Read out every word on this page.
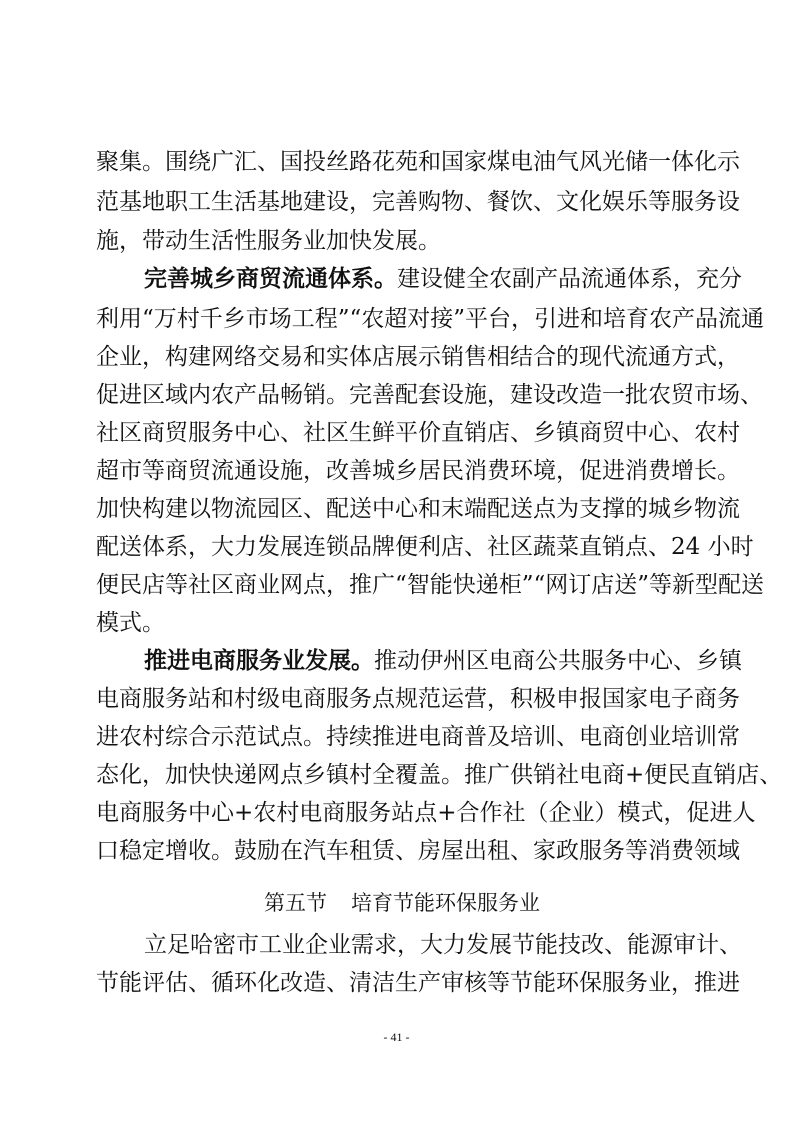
聚集。围绕广汇、国投丝路花苑和国家煤电油气风光储一体化示
范基地职工生活基地建设，完善购物、餐饮、文化娱乐等服务设
施，带动生活性服务业加快发展。
完善城乡商贸流通体系。建设健全农副产品流通体系，充分
利用“万村千乡市场工程”“农超对接”平台，引进和培育农产品流通
企业，构建网络交易和实体店展示销售相结合的现代流通方式，
促进区域内农产品畅销。完善配套设施，建设改造一批农贸市场、
社区商贸服务中心、社区生鲜平价直销店、乡镇商贸中心、农村
超市等商贸流通设施，改善城乡居民消费环境，促进消费增长。
加快构建以物流园区、配送中心和末端配送点为支撑的城乡物流
配送体系，大力发展连锁品牌便利店、社区蔬菜直销点、24 小时
便民店等社区商业网点，推广“智能快递柜”“网订店送”等新型配送
模式。
推进电商服务业发展。推动伊州区电商公共服务中心、乡镇
电商服务站和村级电商服务点规范运营，积极申报国家电子商务
进农村综合示范试点。持续推进电商普及培训、电商创业培训常
态化，加快快递网点乡镇村全覆盖。推广供销社电商+便民直销店、
电商服务中心+农村电商服务站点+合作社（企业）模式，促进人
口稳定增收。鼓励在汽车租赁、房屋出租、家政服务等消费领域
第五节 培育节能环保服务业
立足哈密市工业企业需求，大力发展节能技改、能源审计、
节能评估、循环化改造、清洁生产审核等节能环保服务业，推进
- 41 -
